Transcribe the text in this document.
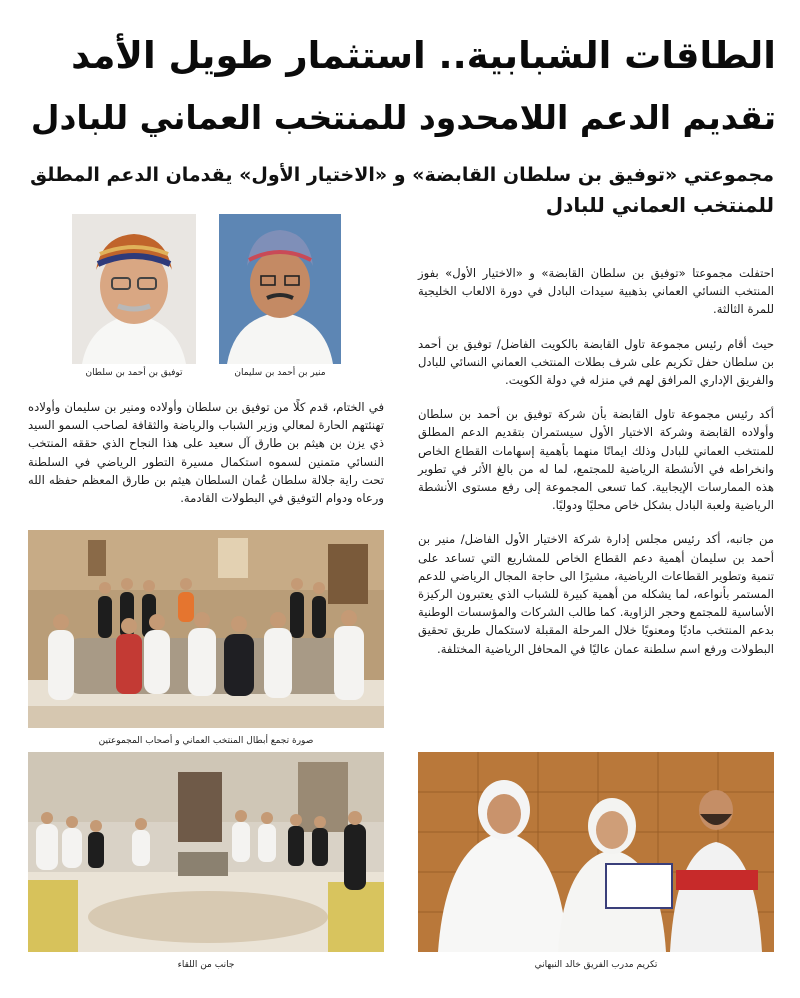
الطاقات الشبابية.. استثمار طويل الأمد
تقديم الدعم اللامحدود للمنتخب العماني للبادل
مجموعتي «توفيق بن سلطان القابضة» و «الاختيار الأول» يقدمان الدعم المطلق
للمنتخب العماني للبادل
توفيق بن أحمد بن سلطان	منير بن أحمد بن سليمان

في الختام، قدم كلًا من توفيق بن سلطان وأولاده ومنير بن سليمان وأولاده تهنئتهم الحارة لمعالي وزير الشباب والرياضة والثقافة لصاحب السمو السيد ذي يزن بن هيثم بن طارق آل سعيد على هذا النجاح الذي حققه المنتخب النسائي متمنين لسموه استكمال مسيرة التطور الرياضي في السلطنة تحت راية جلالة سلطان عُمان السلطان هيثم بن طارق المعظم حفظه الله ورعاه ودوام التوفيق في البطولات القادمة.

احتفلت مجموعتا «توفيق بن سلطان القابضة» و «الاختيار الأول» بفوز المنتخب النسائي العماني بذهبية سيدات البادل في دورة الالعاب الخليجية للمرة الثالثة.

حيث أقام رئيس مجموعة تاول القابضة بالكويت الفاضل/ توفيق بن أحمد بن سلطان حفل تكريم على شرف بطلات المنتخب العماني النسائي للبادل والفريق الإداري المرافق لهم في منزله في دولة الكويت.

أكد رئيس مجموعة تاول القابضة بأن شركة توفيق بن أحمد بن سلطان وأولاده القابضة وشركة الاختيار الأول سيستمران بتقديم الدعم المطلق للمنتخب العماني للبادل وذلك ايمانًا منهما بأهمية إسهامات القطاع الخاص وانخراطه في الأنشطة الرياضية للمجتمع، لما له من بالغ الأثر في تطوير هذه الممارسات الإيجابية. كما تسعى المجموعة إلى رفع مستوى الأنشطة الرياضية ولعبة البادل بشكل خاص محليًا ودوليًا.

من جانبه، أكد رئيس مجلس إدارة شركة الاختيار الأول الفاضل/ منير بن أحمد بن سليمان أهمية دعم القطاع الخاص للمشاريع التي تساعد على تنمية وتطوير القطاعات الرياضية، مشيرًا الى حاجة المجال الرياضي للدعم المستمر بأنواعه، لما يشكله من أهمية كبيرة للشباب الذي يعتبرون الركيزة الأساسية للمجتمع وحجر الزاوية. كما طالب الشركات والمؤسسات الوطنية بدعم المنتخب ماديًا ومعنويًا خلال المرحلة المقبلة لاستكمال طريق تحقيق البطولات ورفع اسم سلطنة عمان عاليًا في المحافل الرياضية المختلفة.

صورة تجمع أبطال المنتخب العماني و أصحاب المجموعتين
جانب من اللقاء	تكريم مدرب الفريق خالد النبهاني
